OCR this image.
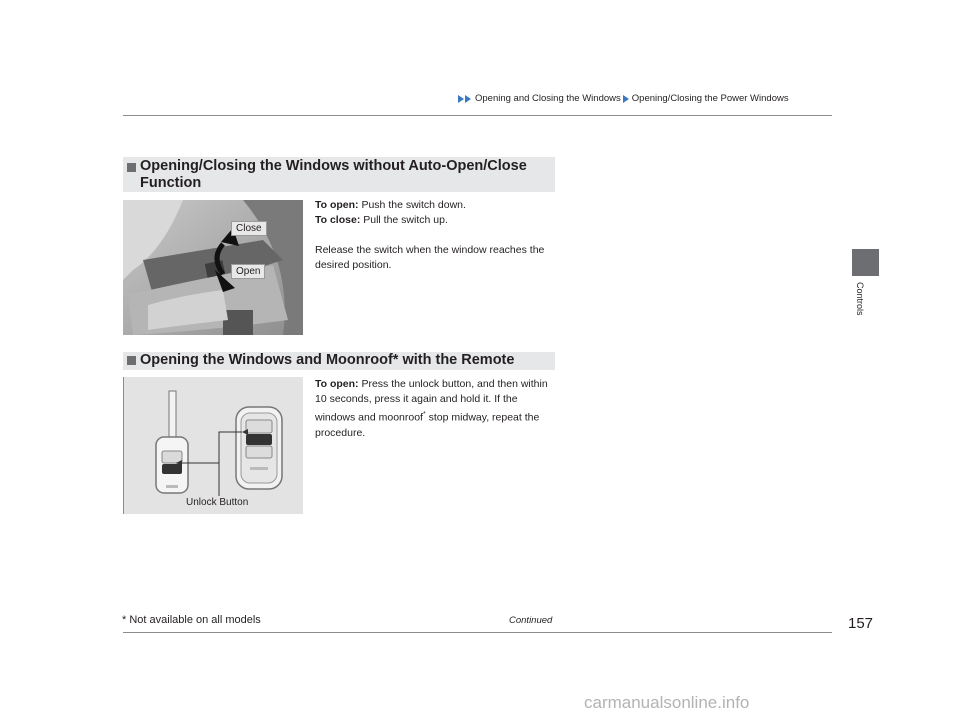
Opening and Closing the Windows Opening/Closing the Power Windows
Controls
Opening/Closing the Windows without Auto-Open/Close Function
Close
Open

To open: Push the switch down.

To close: Pull the switch up.

Release the switch when the window reaches the desired position.

Opening the Windows and Moonroof* with the Remote
Unlock Button

To open: Press the unlock button, and then within 10 seconds, press it again and hold it. If the windows and moonroof* stop midway, repeat the procedure.

Continued	157
* Not available on all models
carmanualsonline.info
